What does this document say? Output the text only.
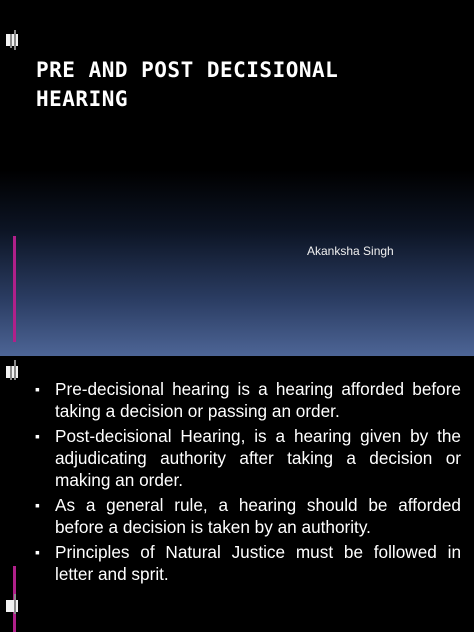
PRE AND POST DECISIONAL
HEARING
Akanksha Singh
▪ Pre-decisional hearing is a hearing afforded before taking a decision or passing an order.
▪ Post-decisional Hearing, is a hearing given by the adjudicating authority after taking a decision or making an order.
▪ As a general rule, a hearing should be afforded before a decision is taken by an authority.
▪ Principles of Natural Justice must be followed in letter and sprit.
